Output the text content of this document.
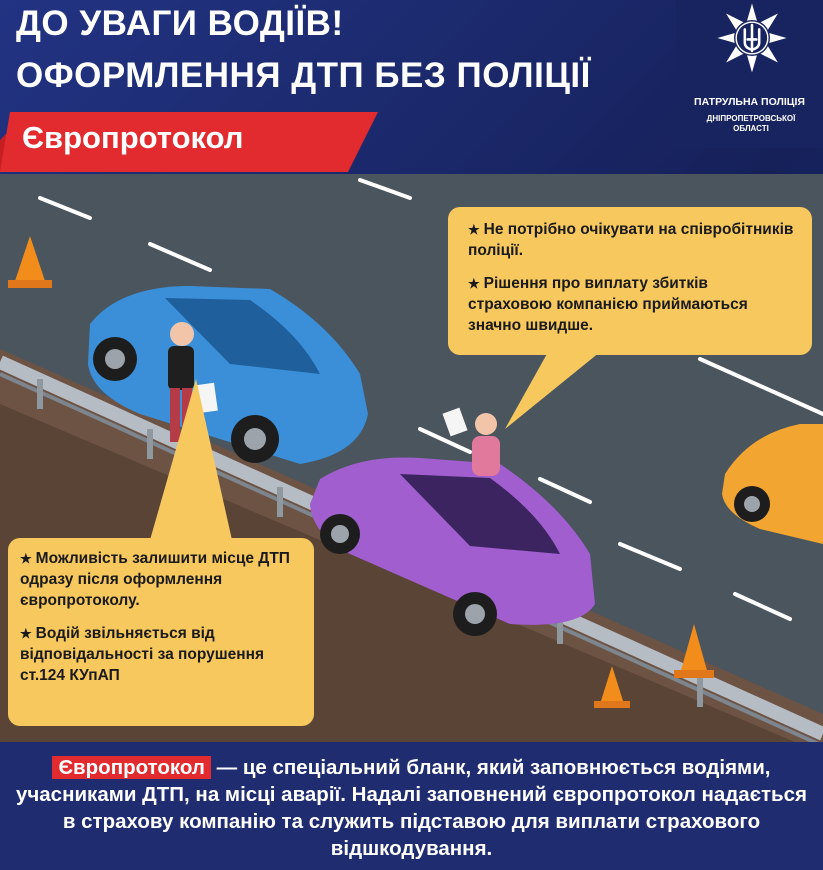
ДО УВАГИ ВОДІЇВ!
ОФОРМЛЕННЯ ДТП БЕЗ ПОЛІЦІЇ
Європротокол
ПАТРУЛЬНА ПОЛІЦІЯ
ДНІПРОПЕТРОВСЬКОЇ ОБЛАСТІ

★ Не потрібно очікувати на співробітників поліції.

★ Рішення про виплату збитків страховою компанією приймаються значно швидше.

★ Можливість залишити місце ДТП одразу після оформлення європротоколу.

★ Водій звільняється від відповідальності за порушення ст.124 КУпАП

Європротокол — це спеціальний бланк, який заповнюється водіями, учасниками ДТП, на місці аварії. Надалі заповнений європротокол надається в страхову компанію та служить підставою для виплати страхового відшкодування.
